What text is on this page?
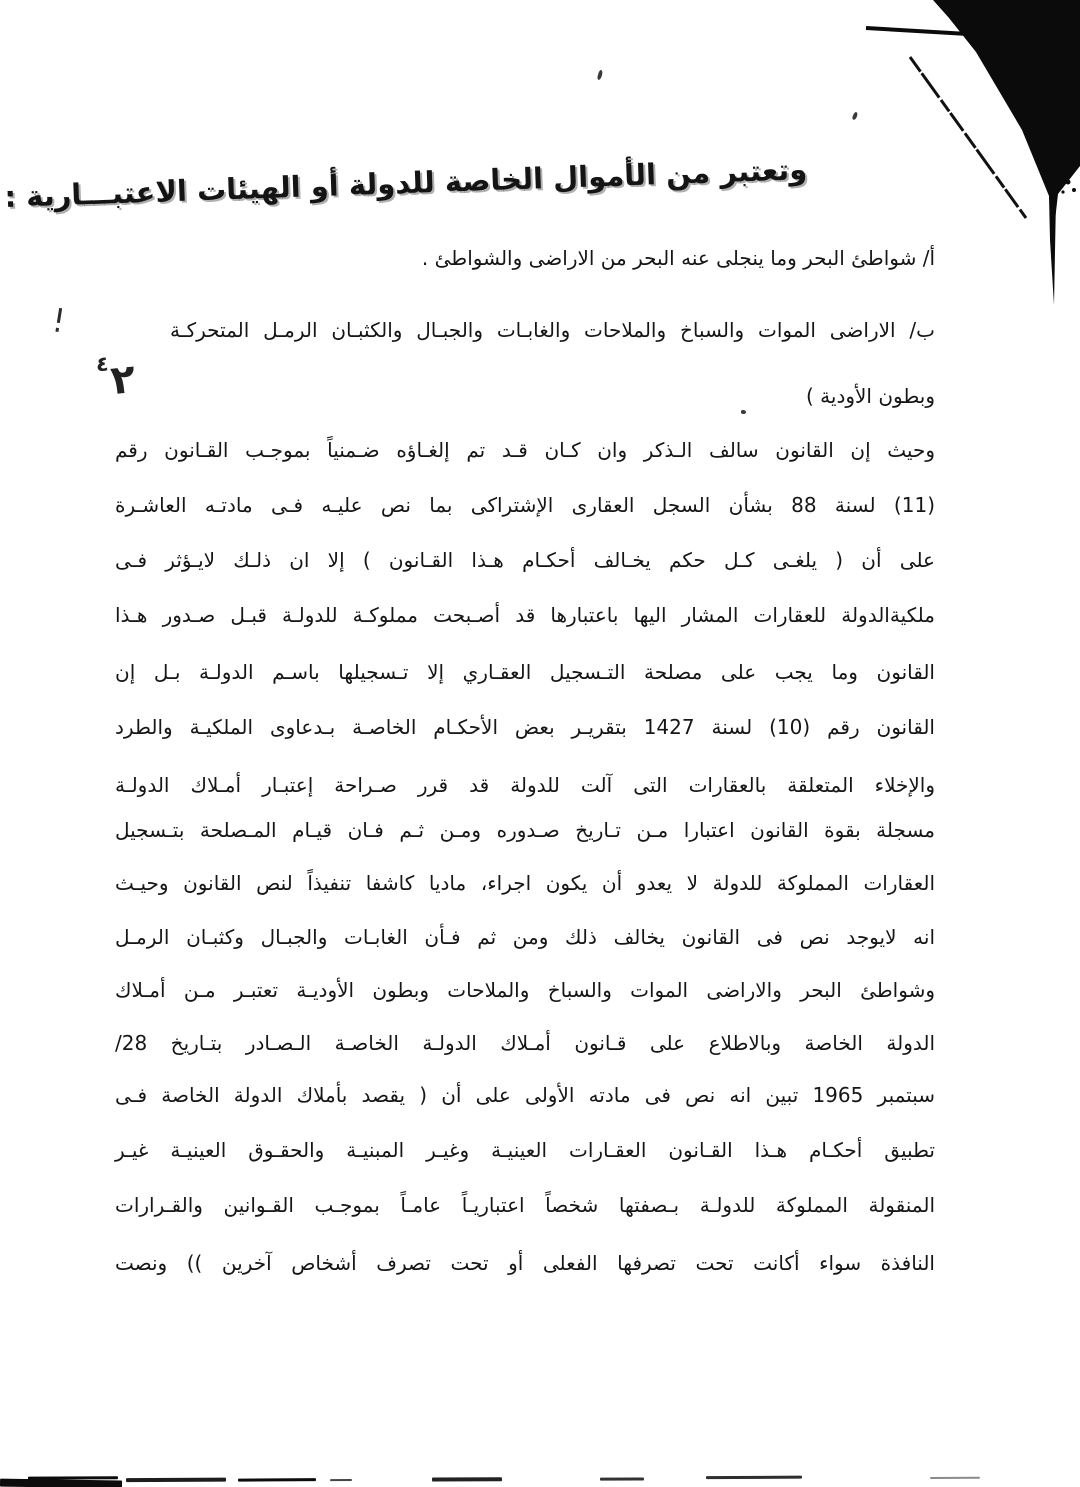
وتعتبر من الأموال الخاصة للدولة أو الهيئات الاعتبـــارية :
أ/ شواطئ البحر وما ينجلى عنه البحر من الاراضى والشواطئ .
ب/ الاراضى الموات والسباخ والملاحات والغابـات والجبـال والكثبـان الرمـل المتحركـة
وبطون الأودية )
وحيث إن القانون سالف الـذكر وان كـان قـد تم إلغـاؤه ضـمنياً بموجـب القـانون رقم
(11) لسنة 88 بشأن السجل العقارى الإشتراكى بما نص عليـه فـى مادتـه العاشـرة
على أن ( يلغـى كـل حكم يخـالف أحكـام هـذا القـانون ) إلا ان ذلـك لايـؤثر فـى
ملكيةالدولة للعقارات المشار اليها باعتبارها قد أصـبحت مملوكـة للدولـة قبـل صـدور هـذا
القانون وما يجب على مصلحة التـسجيل العقـاري إلا تـسجيلها باسـم الدولـة بـل إن
القانون رقم (10) لسنة 1427 بتقريـر بعض الأحكـام الخاصـة بـدعاوى الملكيـة والطرد
والإخلاء المتعلقة بالعقارات التى آلت للدولة قد قرر صـراحة إعتبـار أمـلاك الدولـة
مسجلة بقوة القانون اعتبارا مـن تـاريخ صـدوره ومـن ثـم فـان قيـام المـصلحة بتـسجيل
العقارات المملوكة للدولة لا يعدو أن يكون اجراء، ماديا كاشفا تنفيذاً لنص القانون وحيـث
انه لايوجد نص فى القانون يخالف ذلك ومن ثم فـأن الغابـات والجبـال وكثبـان الرمـل
وشواطئ البحر والاراضى الموات والسباخ والملاحات وبطون الأوديـة تعتبـر مـن أمـلاك
الدولة الخاصة وبالاطلاع على قـانون أمـلاك الدولـة الخاصـة الـصـادر بتـاريخ 28/
سبتمبر 1965 تبين انه نص فى مادته الأولى على أن ( يقصد بأملاك الدولة الخاصة فـى
تطبيق أحكـام هـذا القـانون العقـارات العينيـة وغيـر المبنيـة والحقـوق العينيـة غيـر
المنقولة المملوكة للدولـة بـصفتها شخصاً اعتباريـاً عامـاً بموجـب القـوانين والقـرارات
النافذة سواء أكانت تحت تصرفها الفعلى أو تحت تصرف أشخاص آخرين )) ونصت
٢٤
